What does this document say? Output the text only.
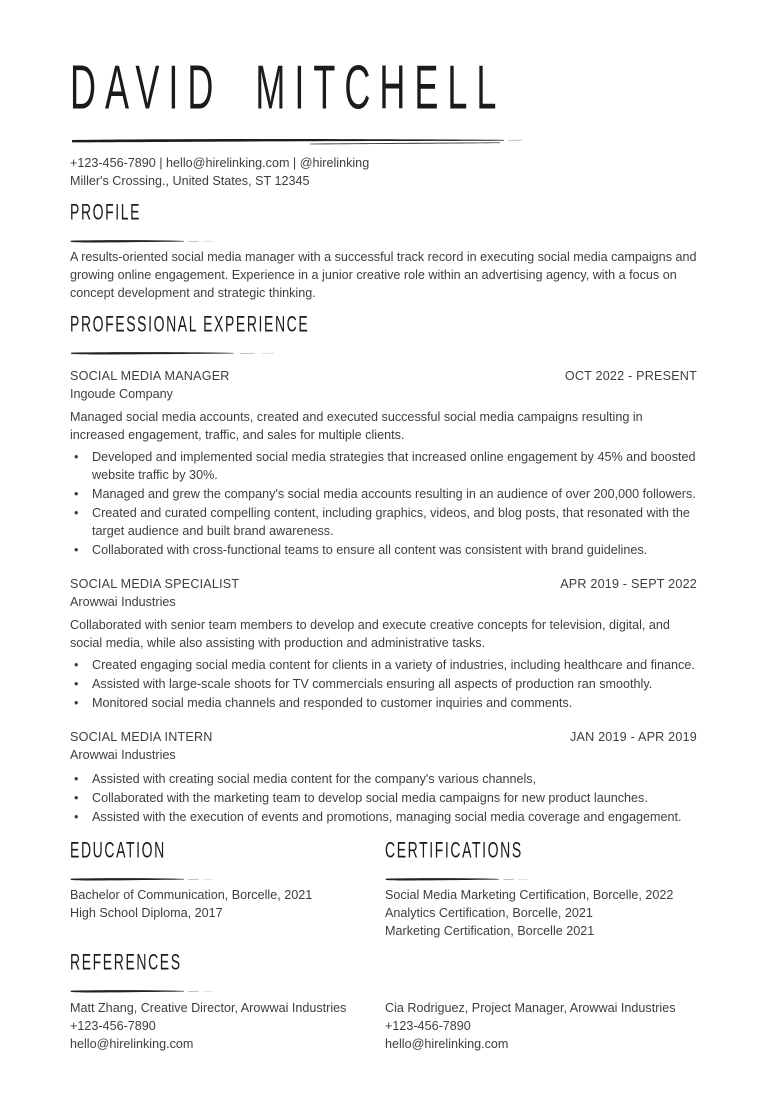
DAVID MITCHELL

+123-456-7890 | hello@hirelinking.com | @hirelinking

Miller's Crossing., United States, ST 12345

PROFILE

A results-oriented social media manager with a successful track record in executing social media campaigns and growing online engagement. Experience in a junior creative role within an advertising agency, with a focus on concept development and strategic thinking.

PROFESSIONAL EXPERIENCE
SOCIAL MEDIA MANAGER	OCT 2022 - PRESENT
Ingoude Company

Managed social media accounts, created and executed successful social media campaigns resulting in increased engagement, traffic, and sales for multiple clients.

• Developed and implemented social media strategies that increased online engagement by 45% and boosted website traffic by 30%.
• Managed and grew the company's social media accounts resulting in an audience of over 200,000 followers.
• Created and curated compelling content, including graphics, videos, and blog posts, that resonated with the target audience and built brand awareness.
• Collaborated with cross-functional teams to ensure all content was consistent with brand guidelines.
SOCIAL MEDIA SPECIALIST	APR 2019 - SEPT 2022
Arowwai Industries

Collaborated with senior team members to develop and execute creative concepts for television, digital, and social media, while also assisting with production and administrative tasks.

• Created engaging social media content for clients in a variety of industries, including healthcare and finance.
• Assisted with large-scale shoots for TV commercials ensuring all aspects of production ran smoothly.
• Monitored social media channels and responded to customer inquiries and comments.
SOCIAL MEDIA INTERN	JAN 2019 - APR 2019
Arowwai Industries
• Assisted with creating social media content for the company's various channels,
• Collaborated with the marketing team to develop social media campaigns for new product launches.
• Assisted with the execution of events and promotions, managing social media coverage and engagement.
EDUCATION

Bachelor of Communication, Borcelle, 2021

High School Diploma, 2017

CERTIFICATIONS

Social Media Marketing Certification, Borcelle, 2022

Analytics Certification, Borcelle, 2021

Marketing Certification, Borcelle 2021

REFERENCES

Matt Zhang, Creative Director, Arowwai Industries

+123-456-7890

hello@hirelinking.com

Cia Rodriguez, Project Manager, Arowwai Industries

+123-456-7890

hello@hirelinking.com
